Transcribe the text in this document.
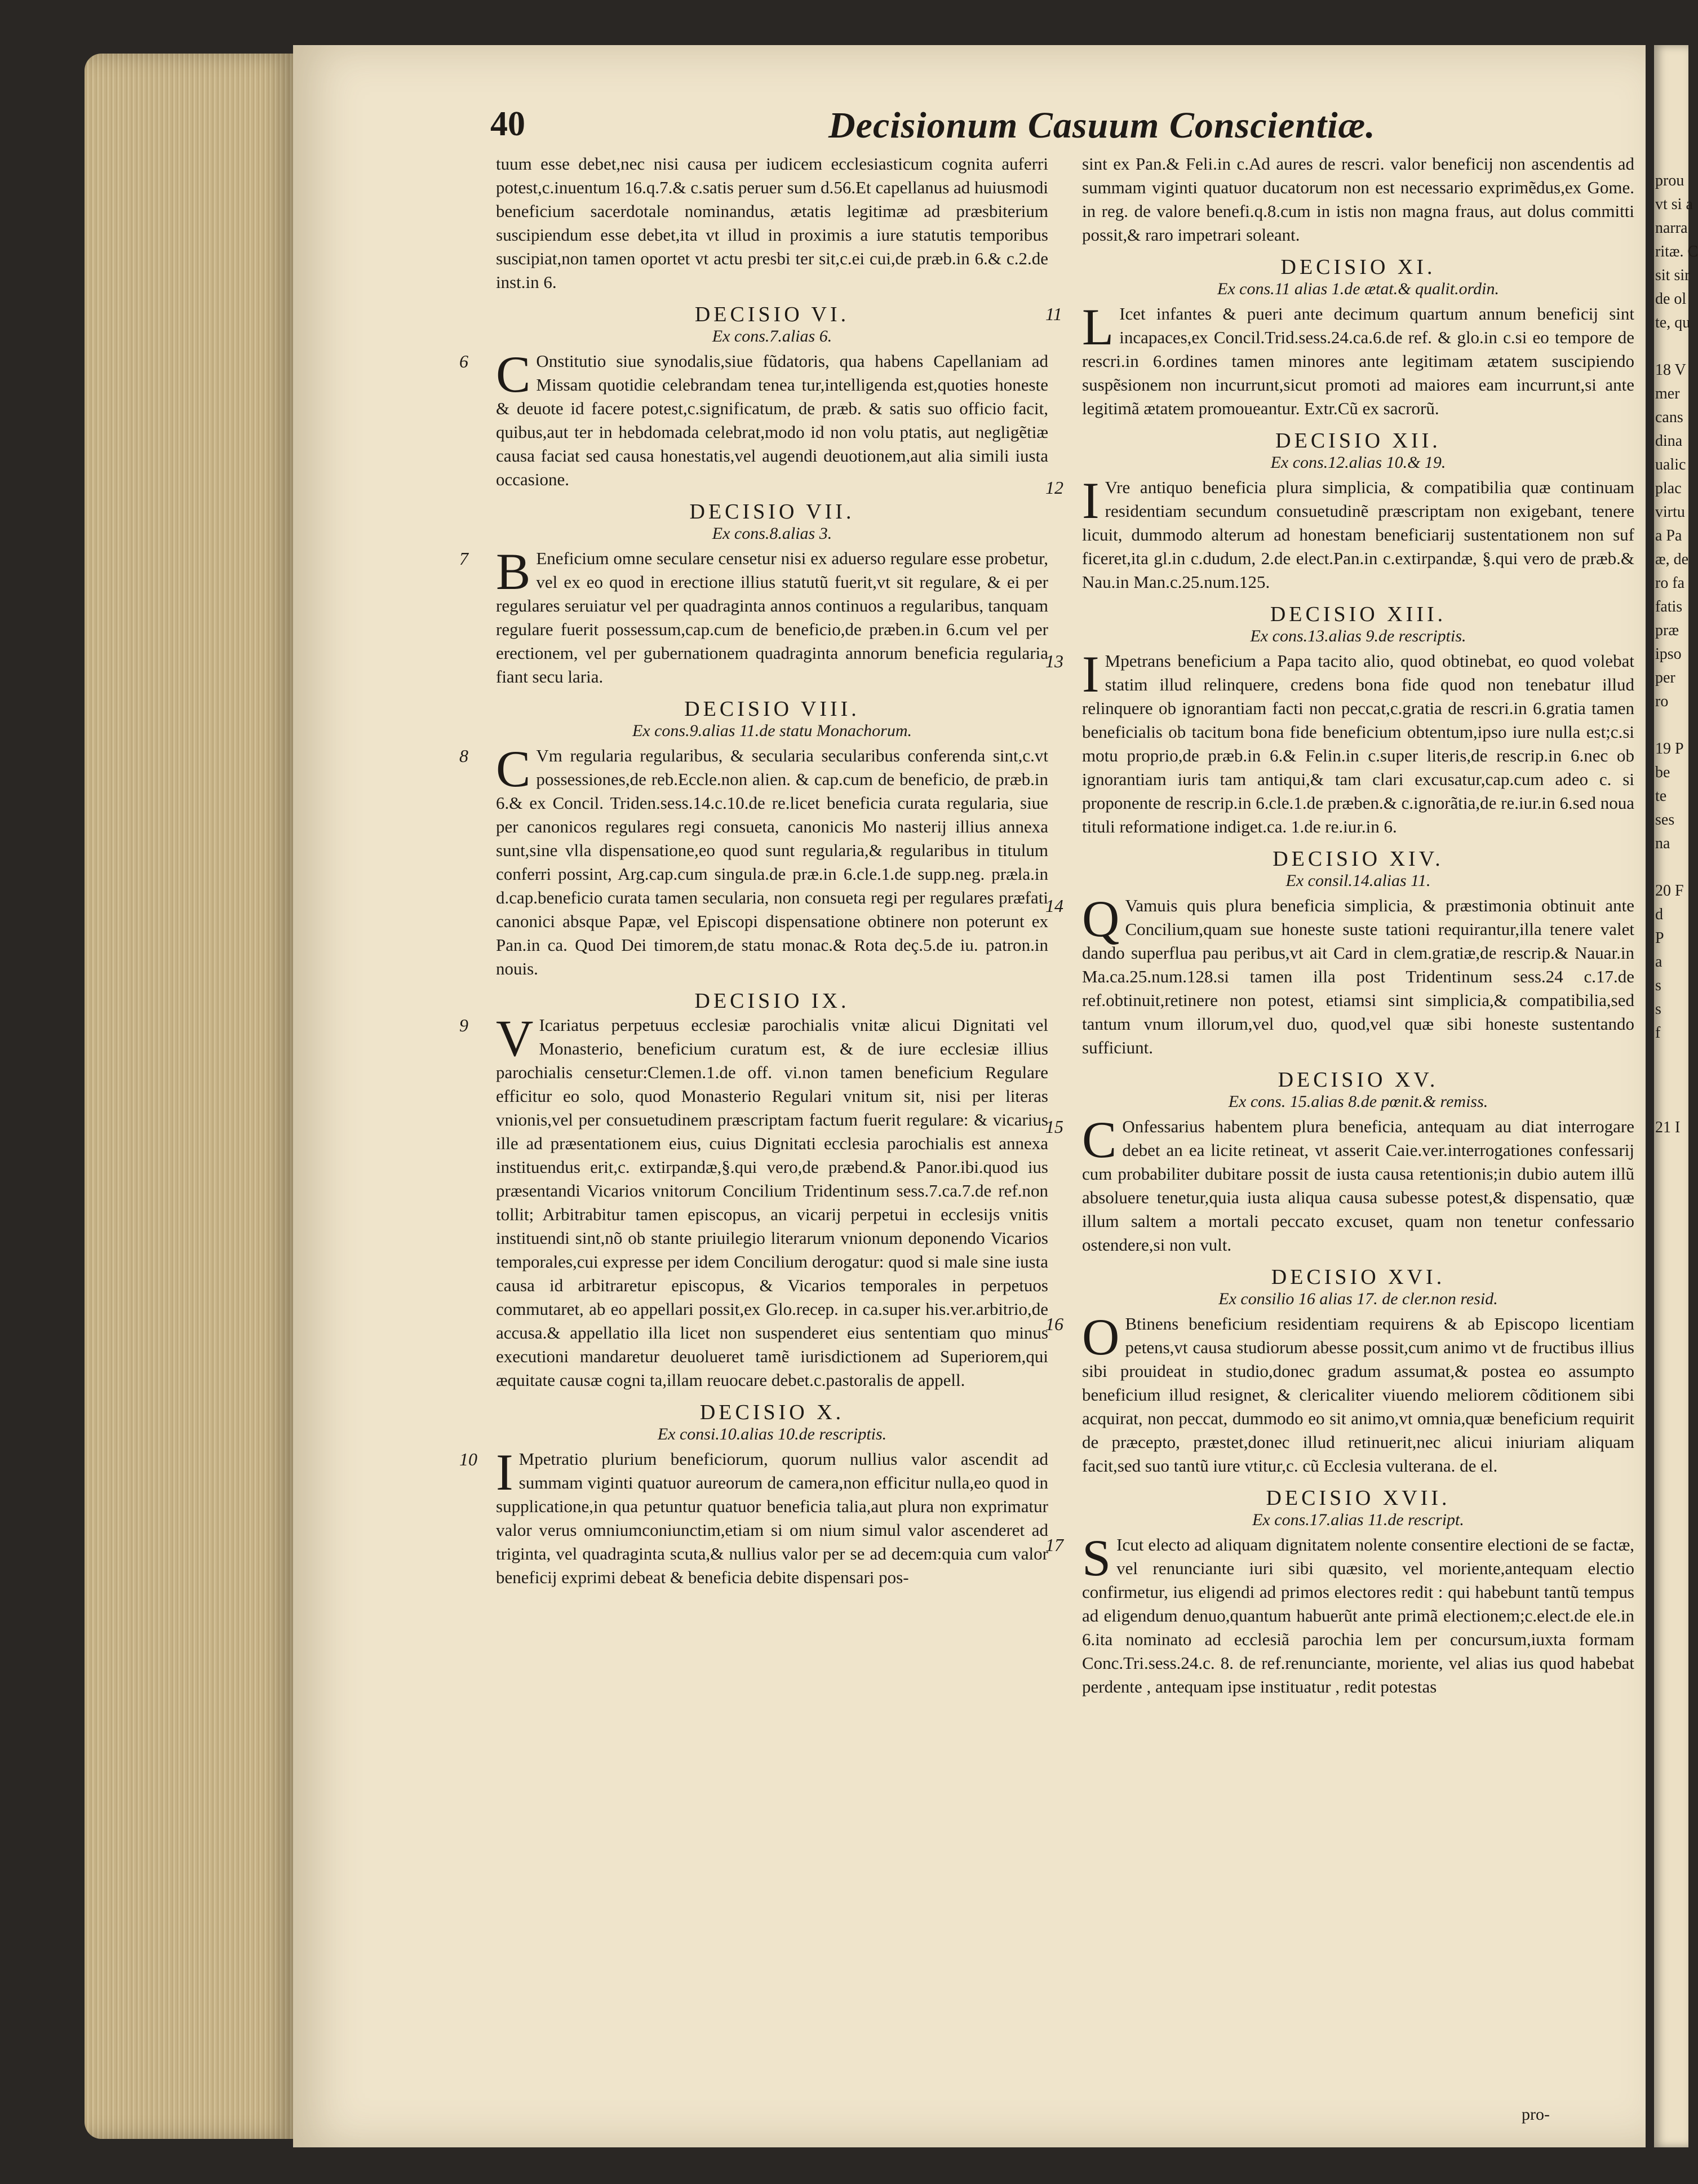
40	Decisionum Casuum Conscientiæ.

tuum esse debet,nec nisi causa per iudicem ecclesiasticum cognita auferri potest,c.inuentum 16.q.7.& c.satis peruer sum d.56.Et capellanus ad huiusmodi beneficium sacerdotale nominandus, ætatis legitimæ ad præsbiterium suscipiendum esse debet,ita vt illud in proximis a iure statutis temporibus suscipiat,non tamen oportet vt actu presbi ter sit,c.ei cui,de præb.in 6.& c.2.de inst.in 6.

DECISIO VI.
Ex cons.7.alias 6.

6 C Onstitutio siue synodalis,siue fũdatoris, qua habens Capellaniam ad Missam quotidie celebrandam tenea tur,intelligenda est,quoties honeste & deuote id facere potest,c.significatum, de præb. & satis suo officio facit, quibus,aut ter in hebdomada celebrat,modo id non volu ptatis, aut negligẽtiæ causa faciat sed causa honestatis,vel augendi deuotionem,aut alia simili iusta occasione.

DECISIO VII.
Ex cons.8.alias 3.

7 B Eneficium omne seculare censetur nisi ex aduerso regulare esse probetur, vel ex eo quod in erectione illius statutũ fuerit,vt sit regulare, & ei per regulares seruiatur vel per quadraginta annos continuos a regularibus, tanquam regulare fuerit possessum,cap.cum de beneficio,de præben.in 6.cum vel per erectionem, vel per gubernationem quadraginta annorum beneficia regularia fiant secu laria.

DECISIO VIII.
Ex cons.9.alias 11.de statu Monachorum.

8 C Vm regularia regularibus, & secularia secularibus conferenda sint,c.vt possessiones,de reb.Eccle.non alien. & cap.cum de beneficio, de præb.in 6.& ex Concil. Triden.sess.14.c.10.de re.licet beneficia curata regularia, siue per canonicos regulares regi consueta, canonicis Mo nasterij illius annexa sunt,sine vlla dispensatione,eo quod sunt regularia,& regularibus in titulum conferri possint, Arg.cap.cum singula.de præ.in 6.cle.1.de supp.neg. præla.in d.cap.beneficio curata tamen secularia, non consueta regi per regulares præfati canonici absque Papæ, vel Episcopi dispensatione obtinere non poterunt ex Pan.in ca. Quod Dei timorem,de statu monac.& Rota deç.5.de iu. patron.in nouis.

DECISIO IX.

9 V Icariatus perpetuus ecclesiæ parochialis vnitæ alicui Dignitati vel Monasterio, beneficium curatum est, & de iure ecclesiæ illius parochialis censetur:Clemen.1.de off. vi.non tamen beneficium Regulare efficitur eo solo, quod Monasterio Regulari vnitum sit, nisi per literas vnionis,vel per consuetudinem præscriptam factum fuerit regulare: & vicarius ille ad præsentationem eius, cuius Dignitati ecclesia parochialis est annexa instituendus erit,c. extirpandæ,§.qui vero,de præbend.& Panor.ibi.quod ius præsentandi Vicarios vnitorum Concilium Tridentinum sess.7.ca.7.de ref.non tollit; Arbitrabitur tamen episcopus, an vicarij perpetui in ecclesijs vnitis instituendi sint,nõ ob stante priuilegio literarum vnionum deponendo Vicarios temporales,cui expresse per idem Concilium derogatur: quod si male sine iusta causa id arbitraretur episcopus, & Vicarios temporales in perpetuos commutaret, ab eo appellari possit,ex Glo.recep. in ca.super his.ver.arbitrio,de accusa.& appellatio illa licet non suspenderet eius sententiam quo minus executioni mandaretur deuolueret tamẽ iurisdictionem ad Superiorem,qui æquitate causæ cogni ta,illam reuocare debet.c.pastoralis de appell.

DECISIO X.
Ex consi.10.alias 10.de rescriptis.

10 I Mpetratio plurium beneficiorum, quorum nullius valor ascendit ad summam viginti quatuor aureorum de camera,non efficitur nulla,eo quod in supplicatione,in qua petuntur quatuor beneficia talia,aut plura non exprimatur valor verus omniumconiunctim,etiam si om nium simul valor ascenderet ad triginta, vel quadraginta scuta,& nullius valor per se ad decem:quia cum valor beneficij exprimi debeat & beneficia debite dispensari pos-

sint ex Pan.& Feli.in c.Ad aures de rescri. valor beneficij non ascendentis ad summam viginti quatuor ducatorum non est necessario exprimẽdus,ex Gome. in reg. de valore benefi.q.8.cum in istis non magna fraus, aut dolus committi possit,& raro impetrari soleant.

DECISIO XI.
Ex cons.11 alias 1.de ætat.& qualit.ordin.

11 L Icet infantes & pueri ante decimum quartum annum beneficij sint incapaces,ex Concil.Trid.sess.24.ca.6.de ref. & glo.in c.si eo tempore de rescri.in 6.ordines tamen minores ante legitimam ætatem suscipiendo suspẽsionem non incurrunt,sicut promoti ad maiores eam incurrunt,si ante legitimã ætatem promoueantur. Extr.Cũ ex sacrorũ.

DECISIO XII.
Ex cons.12.alias 10.& 19.

12 I Vre antiquo beneficia plura simplicia, & compatibilia quæ continuam residentiam secundum consuetudinẽ præscriptam non exigebant, tenere licuit, dummodo alterum ad honestam beneficiarij sustentationem non suf ficeret,ita gl.in c.dudum, 2.de elect.Pan.in c.extirpandæ, §.qui vero de præb.& Nau.in Man.c.25.num.125.

DECISIO XIII.
Ex cons.13.alias 9.de rescriptis.

13 I Mpetrans beneficium a Papa tacito alio, quod obtinebat, eo quod volebat statim illud relinquere, credens bona fide quod non tenebatur illud relinquere ob ignorantiam facti non peccat,c.gratia de rescri.in 6.gratia tamen beneficialis ob tacitum bona fide beneficium obtentum,ipso iure nulla est;c.si motu proprio,de præb.in 6.& Felin.in c.super literis,de rescrip.in 6.nec ob ignorantiam iuris tam antiqui,& tam clari excusatur,cap.cum adeo c. si proponente de rescrip.in 6.cle.1.de præben.& c.ignorãtia,de re.iur.in 6.sed noua tituli reformatione indiget.ca. 1.de re.iur.in 6.

DECISIO XIV.
Ex consil.14.alias 11.

14 Q Vamuis quis plura beneficia simplicia, & præstimonia obtinuit ante Concilium,quam sue honeste suste tationi requirantur,illa tenere valet dando superflua pau peribus,vt ait Card in clem.gratiæ,de rescrip.& Nauar.in Ma.ca.25.num.128.si tamen illa post Tridentinum sess.24 c.17.de ref.obtinuit,retinere non potest, etiamsi sint simplicia,& compatibilia,sed tantum vnum illorum,vel duo, quod,vel quæ sibi honeste sustentando sufficiunt.

DECISIO XV.
Ex cons. 15.alias 8.de pœnit.& remiss.

15 C Onfessarius habentem plura beneficia, antequam au diat interrogare debet an ea licite retineat, vt asserit Caie.ver.interrogationes confessarij cum probabiliter dubitare possit de iusta causa retentionis;in dubio autem illũ absoluere tenetur,quia iusta aliqua causa subesse potest,& dispensatio, quæ illum saltem a mortali peccato excuset, quam non tenetur confessario ostendere,si non vult.

DECISIO XVI.
Ex consilio 16 alias 17. de cler.non resid.

16 O Btinens beneficium residentiam requirens & ab Episcopo licentiam petens,vt causa studiorum abesse possit,cum animo vt de fructibus illius sibi prouideat in studio,donec gradum assumat,& postea eo assumpto beneficium illud resignet, & clericaliter viuendo meliorem cõditionem sibi acquirat, non peccat, dummodo eo sit animo,vt omnia,quæ beneficium requirit de præcepto, præstet,donec illud retinuerit,nec alicui iniuriam aliquam facit,sed suo tantũ iure vtitur,c. cũ Ecclesia vulterana. de el.

DECISIO XVII.
Ex cons.17.alias 11.de rescript.

17 S Icut electo ad aliquam dignitatem nolente consentire electioni de se factæ, vel renunciante iuri sibi quæsito, vel moriente,antequam electio confirmetur, ius eligendi ad primos electores redit : qui habebunt tantũ tempus ad eligendum denuo,quantum habuerũt ante primã electionem;c.elect.de ele.in 6.ita nominato ad ecclesiã parochia lem per concursum,iuxta formam Conc.Tri.sess.24.c. 8. de ref.renunciante, moriente, vel alias ius quod habebat perdente , antequam ipse instituatur , redit potestas

pro-
prou
vt si a
narra
ritæ. C
sit sir
de ol
te, qu

18 V
mer
cans
dina
ualic
plac
virtu
a Pa
æ, de
ro fa
fatis
præ
ipso
per
ro

19 P
be
te
ses
na

20 F
d
P
a
s
s
f

21 I
